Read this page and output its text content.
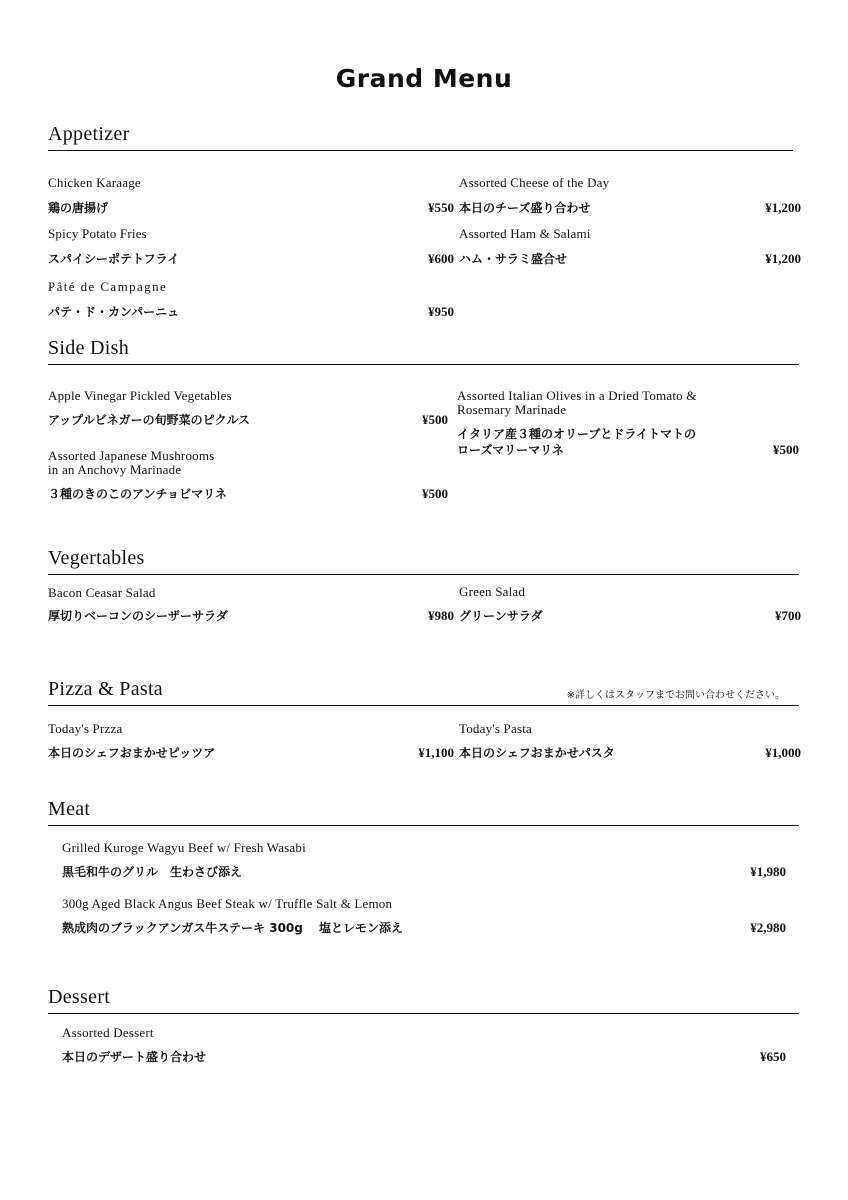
Grand Menu
Appetizer
Chicken Karaage
鶏の唐揚げ	¥550
Spicy Potato Fries
スパイシーポテトフライ	¥600
Pâté de Campagne
パテ・ド・カンパーニュ	¥950
Assorted Cheese of the Day
本日のチーズ盛り合わせ	¥1,200
Assorted Ham & Salami
ハム・サラミ盛合せ	¥1,200
Side Dish
Apple Vinegar Pickled Vegetables
アップルビネガーの旬野菜のピクルス	¥500
Assorted Japanese Mushrooms
in an Anchovy Marinade
３種のきのこのアンチョビマリネ	¥500
Assorted Italian Olives in a Dried Tomato &
Rosemary Marinade
イタリア産３種のオリーブとドライトマトの
ローズマリーマリネ	¥500
Vegertables
Bacon Ceasar Salad
厚切りベーコンのシーザーサラダ	¥980
Green Salad
グリーンサラダ	¥700
Pizza & Pasta	※詳しくはスタッフまでお問い合わせください。
Today's Przza
本日のシェフおまかせピッツア	¥1,100
Today's Pasta
本日のシェフおまかせパスタ	¥1,000
Meat
Grilled Kuroge Wagyu Beef w/ Fresh Wasabi
黒毛和牛のグリル　生わさび添え	¥1,980
300g Aged Black Angus Beef Steak w/ Truffle Salt & Lemon
熟成肉のブラックアンガス牛ステーキ 300g　 塩とレモン添え	¥2,980
Dessert
Assorted Dessert
本日のデザート盛り合わせ	¥650
